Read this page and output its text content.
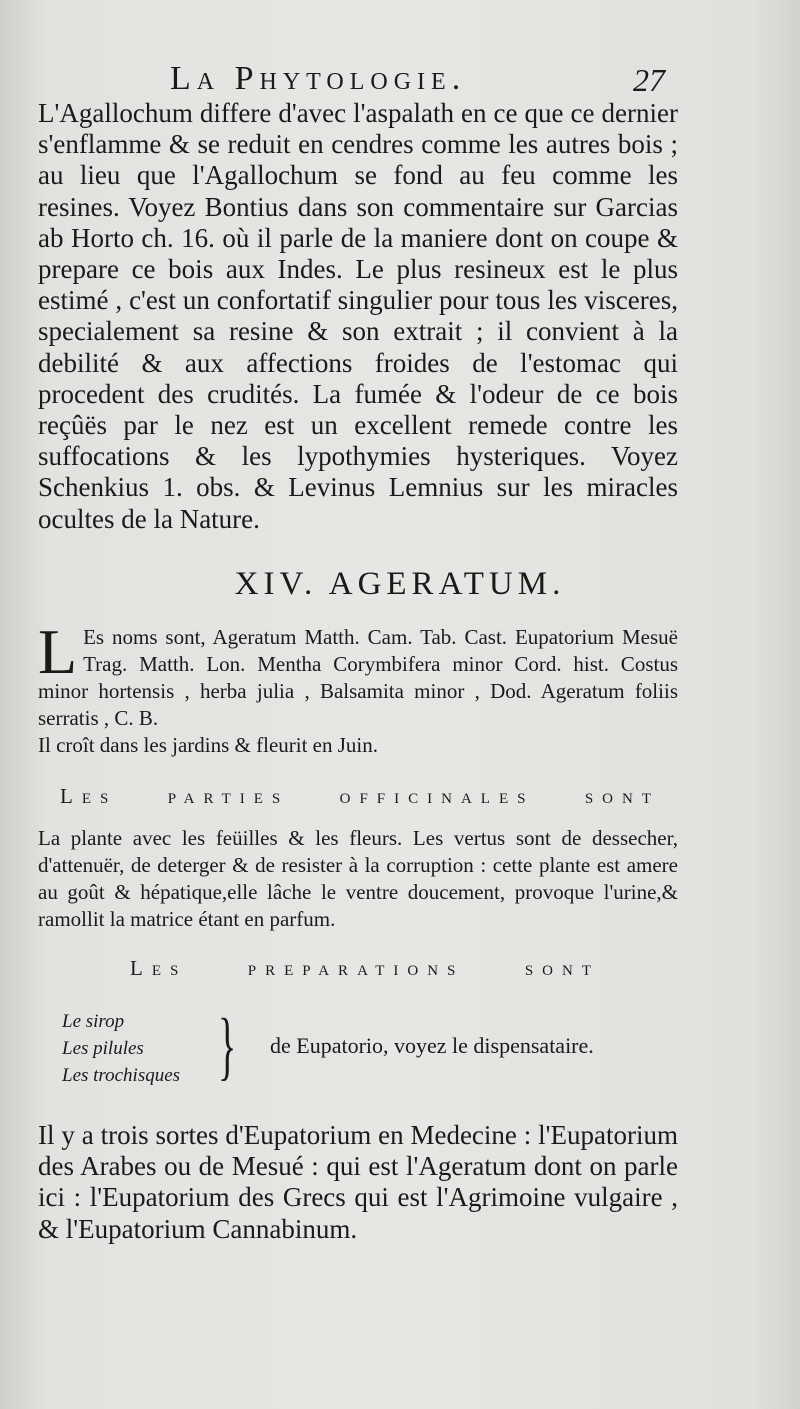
La Phytologie.	27
L'Agallochum differe d'avec l'aspalath en ce que ce dernier s'enflamme & se reduit en cendres comme les autres bois ; au lieu que l'Agallochum se fond au feu comme les resines. Voyez Bontius dans son commentaire sur Garcias ab Horto ch. 16. où il parle de la maniere dont on coupe & prepare ce bois aux Indes. Le plus resineux est le plus estimé , c'est un confortatif singulier pour tous les visceres, specialement sa resine & son extrait ; il convient à la debilité & aux affections froides de l'estomac qui procedent des crudités. La fumée & l'odeur de ce bois reçûës par le nez est un excellent remede contre les suffocations & les lypothymies hysteriques. Voyez Schenkius 1. obs. & Levinus Lemnius sur les miracles ocultes de la Nature.
XIV. AGERATUM.
L Es noms sont, Ageratum Matth. Cam. Tab. Cast. Eupatorium Mesuë Trag. Matth. Lon. Mentha Corymbifera minor Cord. hist. Costus minor hortensis , herba julia , Balsamita minor , Dod. Ageratum foliis serratis , C. B.
Il croît dans les jardins & fleurit en Juin.
Les parties officinales sont
La plante avec les feüilles & les fleurs. Les vertus sont de dessecher, d'attenuër, de deterger & de resister à la corruption : cette plante est amere au goût & hépatique,elle lâche le ventre doucement, provoque l'urine,& ramollit la matrice étant en parfum.
Les preparations sont
Le sirop
Les pilules
Les trochisques } de Eupatorio, voyez le dispensataire.
Il y a trois sortes d'Eupatorium en Medecine : l'Eupatorium des Arabes ou de Mesué : qui est l'Ageratum dont on parle ici : l'Eupatorium des Grecs qui est l'Agrimoine vulgaire , & l'Eupatorium Cannabinum.
